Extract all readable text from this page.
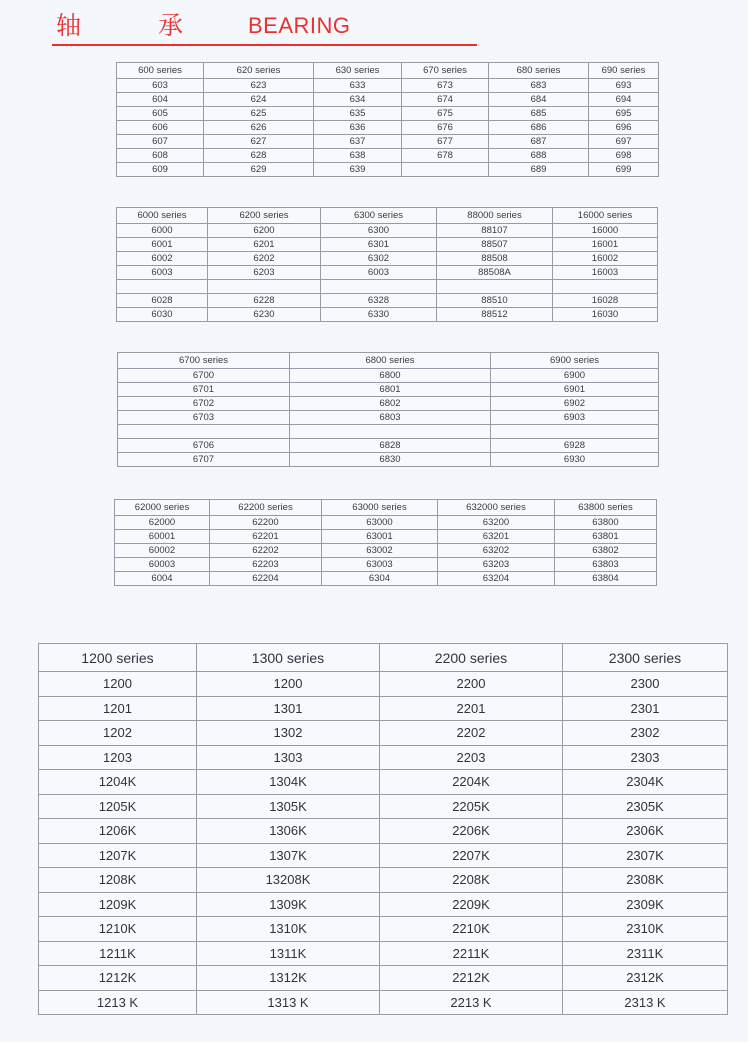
轴	承	BEARING
600 series	620 series	630 series	670 series	680 series	690 series
603	623	633	673	683	693
604	624	634	674	684	694
605	625	635	675	685	695
606	626	636	676	686	696
607	627	637	677	687	697
608	628	638	678	688	698
609	629	639		689	699
6000 series	6200 series	6300 series	88000 series	16000 series
6000	6200	6300	88107	16000
6001	6201	6301	88507	16001
6002	6202	6302	88508	16002
6003	6203	6003	88508A	16003

6028	6228	6328	88510	16028
6030	6230	6330	88512	16030
6700 series	6800 series	6900 series
6700	6800	6900
6701	6801	6901
6702	6802	6902
6703	6803	6903

6706	6828	6928
6707	6830	6930
62000 series	62200 series	63000 series	632000 series	63800 series
62000	62200	63000	63200	63800
60001	62201	63001	63201	63801
60002	62202	63002	63202	63802
60003	62203	63003	63203	63803
6004	62204	6304	63204	63804
1200 series	1300 series	2200 series	2300 series
1200	1200	2200	2300
1201	1301	2201	2301
1202	1302	2202	2302
1203	1303	2203	2303
1204K	1304K	2204K	2304K
1205K	1305K	2205K	2305K
1206K	1306K	2206K	2306K
1207K	1307K	2207K	2307K
1208K	13208K	2208K	2308K
1209K	1309K	2209K	2309K
1210K	1310K	2210K	2310K
1211K	1311K	2211K	2311K
1212K	1312K	2212K	2312K
1213 K	1313 K	2213 K	2313 K
